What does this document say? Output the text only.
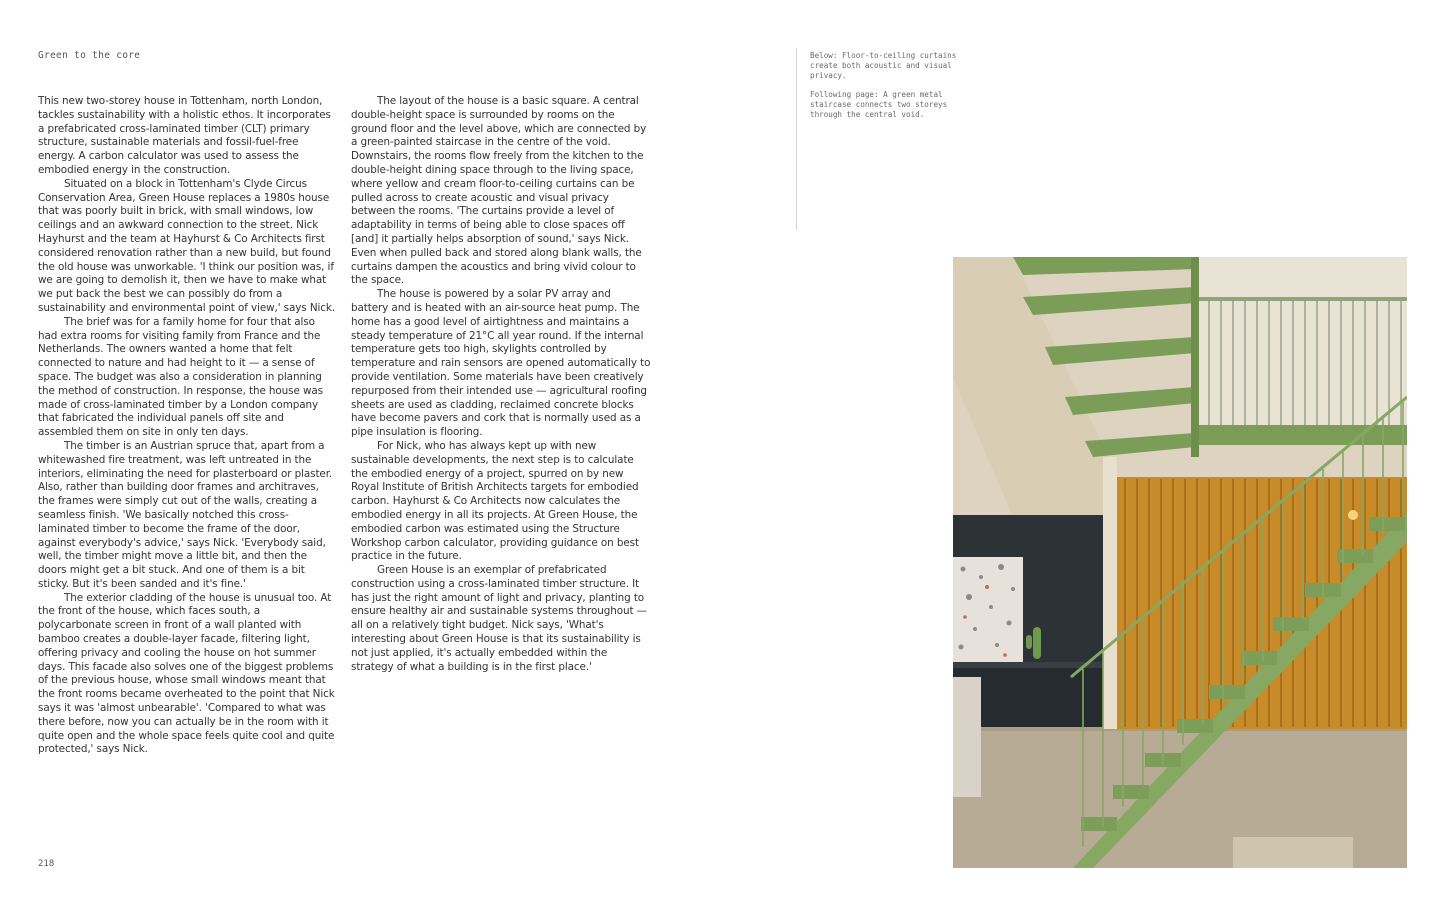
Green to the core

This new two-storey house in Tottenham, north London, tackles sustainability with a holistic ethos. It incorporates a prefabricated cross-laminated timber (CLT) primary structure, sustainable materials and fossil-fuel-free energy. A carbon calculator was used to assess the embodied energy in the construction.

Situated on a block in Tottenham's Clyde Circus Conservation Area, Green House replaces a 1980s house that was poorly built in brick, with small windows, low ceilings and an awkward connection to the street. Nick Hayhurst and the team at Hayhurst & Co Architects first considered renovation rather than a new build, but found the old house was unworkable. 'I think our position was, if we are going to demolish it, then we have to make what we put back the best we can possibly do from a sustainability and environmental point of view,' says Nick.

The brief was for a family home for four that also had extra rooms for visiting family from France and the Netherlands. The owners wanted a home that felt connected to nature and had height to it — a sense of space. The budget was also a consideration in planning the method of construction. In response, the house was made of cross-laminated timber by a London company that fabricated the individual panels off site and assembled them on site in only ten days.

The timber is an Austrian spruce that, apart from a whitewashed fire treatment, was left untreated in the interiors, eliminating the need for plasterboard or plaster. Also, rather than building door frames and architraves, the frames were simply cut out of the walls, creating a seamless finish. 'We basically notched this cross-laminated timber to become the frame of the door, against everybody's advice,' says Nick. 'Everybody said, well, the timber might move a little bit, and then the doors might get a bit stuck. And one of them is a bit sticky. But it's been sanded and it's fine.'

The exterior cladding of the house is unusual too. At the front of the house, which faces south, a polycarbonate screen in front of a wall planted with bamboo creates a double-layer facade, filtering light, offering privacy and cooling the house on hot summer days. This facade also solves one of the biggest problems of the previous house, whose small windows meant that the front rooms became overheated to the point that Nick says it was 'almost unbearable'. 'Compared to what was there before, now you can actually be in the room with it quite open and the whole space feels quite cool and quite protected,' says Nick.

The layout of the house is a basic square. A central double-height space is surrounded by rooms on the ground floor and the level above, which are connected by a green-painted staircase in the centre of the void. Downstairs, the rooms flow freely from the kitchen to the double-height dining space through to the living space, where yellow and cream floor-to-ceiling curtains can be pulled across to create acoustic and visual privacy between the rooms. 'The curtains provide a level of adaptability in terms of being able to close spaces off [and] it partially helps absorption of sound,' says Nick. Even when pulled back and stored along blank walls, the curtains dampen the acoustics and bring vivid colour to the space.

The house is powered by a solar PV array and battery and is heated with an air-source heat pump. The home has a good level of airtightness and maintains a steady temperature of 21°C all year round. If the internal temperature gets too high, skylights controlled by temperature and rain sensors are opened automatically to provide ventilation. Some materials have been creatively repurposed from their intended use — agricultural roofing sheets are used as cladding, reclaimed concrete blocks have become pavers and cork that is normally used as a pipe insulation is flooring.

For Nick, who has always kept up with new sustainable developments, the next step is to calculate the embodied energy of a project, spurred on by new Royal Institute of British Architects targets for embodied carbon. Hayhurst & Co Architects now calculates the embodied energy in all its projects. At Green House, the embodied carbon was estimated using the Structure Workshop carbon calculator, providing guidance on best practice in the future.

Green House is an exemplar of prefabricated construction using a cross-laminated timber structure. It has just the right amount of light and privacy, planting to ensure healthy air and sustainable systems throughout — all on a relatively tight budget. Nick says, 'What's interesting about Green House is that its sustainability is not just applied, it's actually embedded within the strategy of what a building is in the first place.'

218

Below: Floor-to-ceiling curtains create both acoustic and visual privacy.

Following page: A green metal staircase connects two storeys through the central void.
